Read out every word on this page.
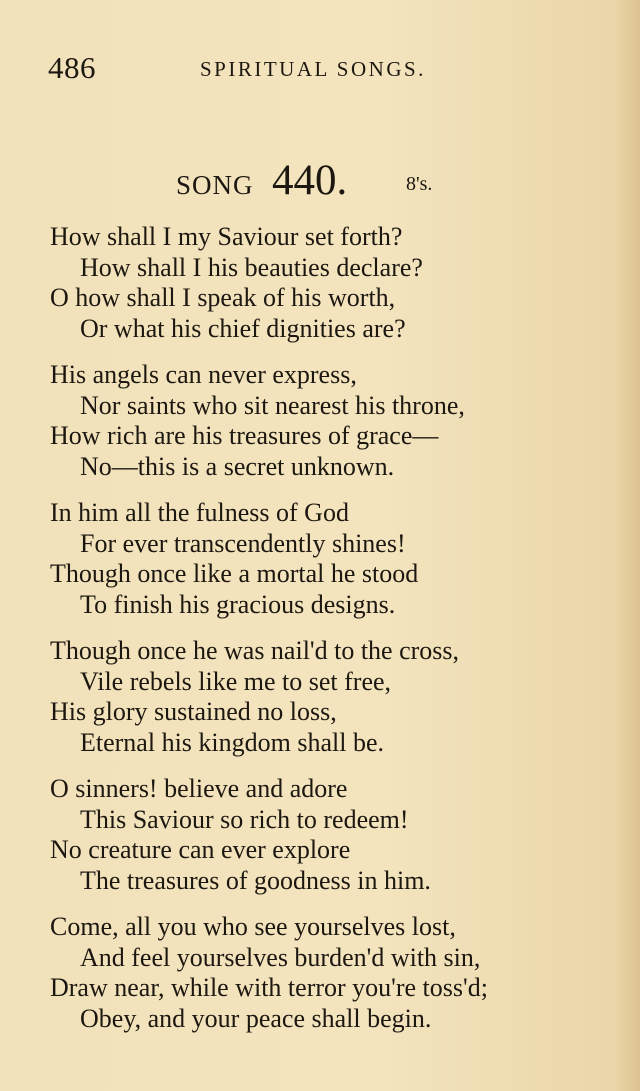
486	SPIRITUAL SONGS.
SONG 440.	8's.
How shall I my Saviour set forth?
How shall I his beauties declare?
O how shall I speak of his worth,
Or what his chief dignities are?
His angels can never express,
Nor saints who sit nearest his throne,
How rich are his treasures of grace—
No—this is a secret unknown.
In him all the fulness of God
For ever transcendently shines!
Though once like a mortal he stood
To finish his gracious designs.
Though once he was nail'd to the cross,
Vile rebels like me to set free,
His glory sustained no loss,
Eternal his kingdom shall be.
O sinners! believe and adore
This Saviour so rich to redeem!
No creature can ever explore
The treasures of goodness in him.
Come, all you who see yourselves lost,
And feel yourselves burden'd with sin,
Draw near, while with terror you're toss'd;
Obey, and your peace shall begin.
